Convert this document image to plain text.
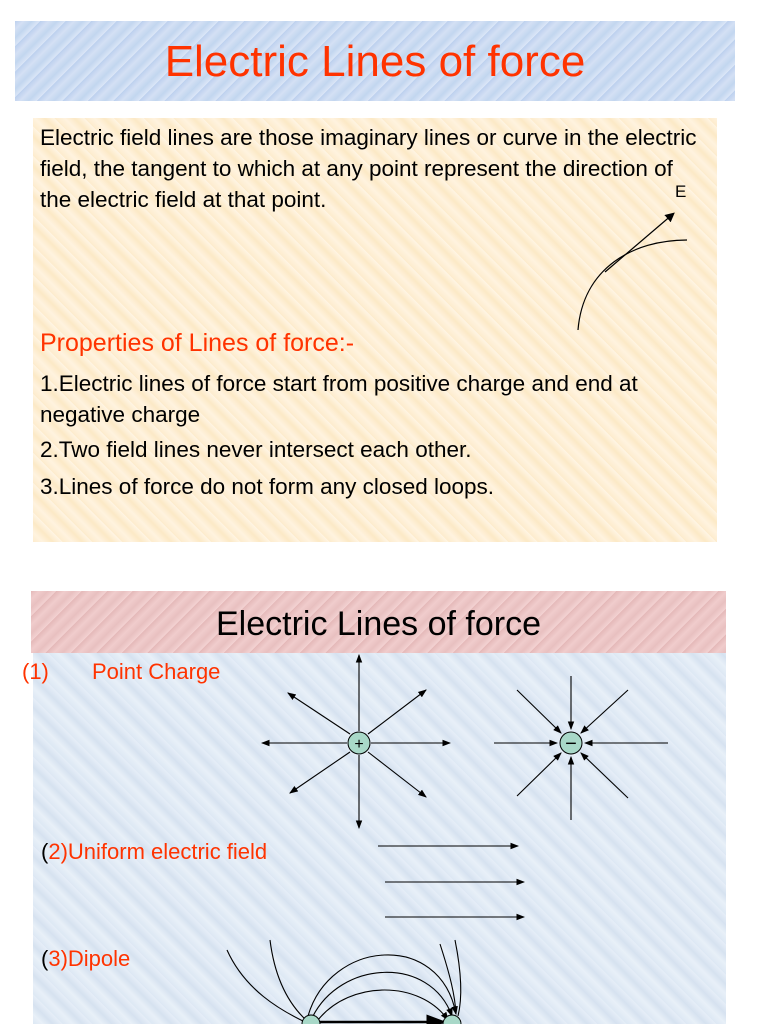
Electric Lines of force

Electric field lines are those imaginary lines or curve in the electric field, the tangent to which at any point represent the direction of the electric field at that point.	E
Properties of Lines of force:-

1.Electric lines of force start from positive charge and end at negative charge

2.Two field lines never intersect each other.

3.Lines of force do not form any closed loops.

Electric Lines of force
(1) Point Charge
(2)Uniform electric field
(3)Dipole
+	−
